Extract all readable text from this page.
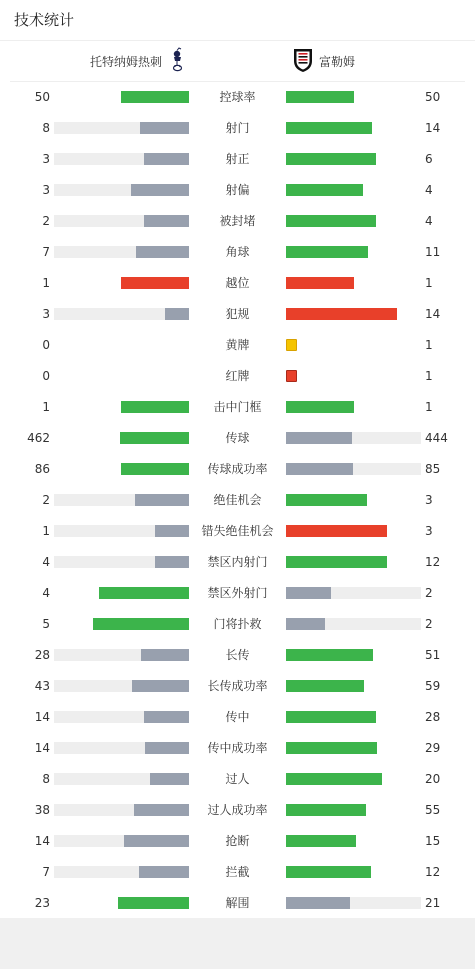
技术统计
托特纳姆热刺	富勒姆
50	控球率	50
8	射门	14
3	射正	6
3	射偏	4
2	被封堵	4
7	角球	11
1	越位	1
3	犯规	14
0	黄牌	1
0	红牌	1
1	击中门框	1
462	传球	444
86	传球成功率	85
2	绝佳机会	3
1	错失绝佳机会	3
4	禁区内射门	12
4	禁区外射门	2
5	门将扑救	2
28	长传	51
43	长传成功率	59
14	传中	28
14	传中成功率	29
8	过人	20
38	过人成功率	55
14	抢断	15
7	拦截	12
23	解围	21
